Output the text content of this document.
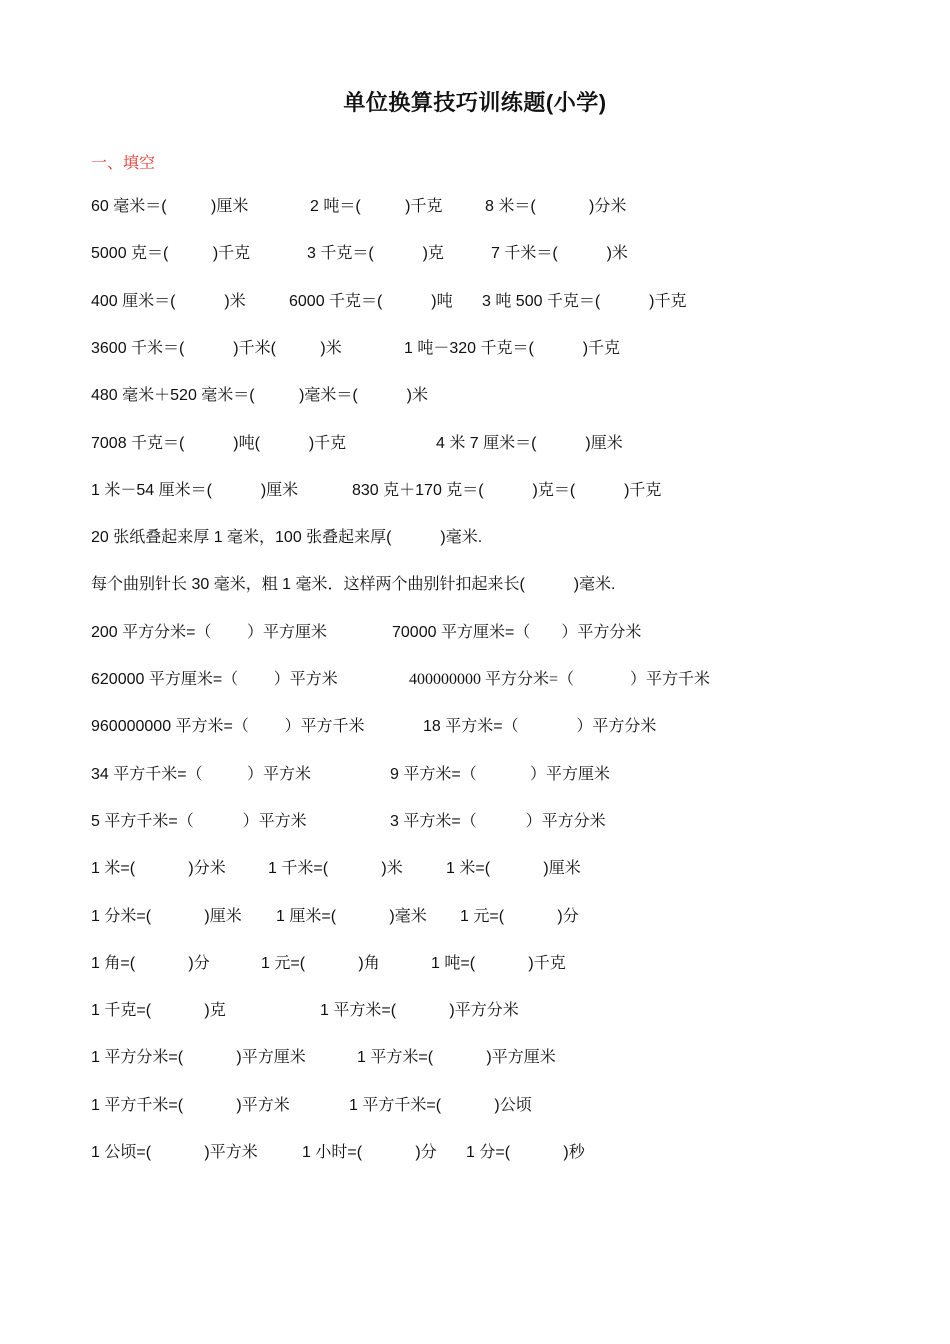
单位换算技巧训练题(小学)
一、填空
60 毫米＝(          )厘米	2 吨＝(          )千克	8 米＝(            )分米
5000 克＝(          )千克	3 千克＝(           )克	7 千米＝(           )米
400 厘米＝(           )米	6000 千克＝(           )吨 3 吨 500 千克＝(           )千克
3600 千米＝(           )千米(          )米	1 吨－320 千克＝(           )千克
480 毫米＋520 毫米＝(          )毫米＝(           )米
7008 千克＝(           )吨(           )千克	4 米 7 厘米＝(           )厘米
1 米－54 厘米＝(           )厘米	830 克＋170 克＝(           )克＝(           )千克
20 张纸叠起来厚 1 毫米，100 张叠起来厚(           )毫米.
每个曲别针长 30 毫米，粗 1 毫米．这样两个曲别针扣起来长(           )毫米.
200 平方分米=（        ）平方厘米	70000 平方厘米=（       ）平方分米
620000 平方厘米=（        ）平方米	400000000 平方分米=（              ）平方千米
960000000 平方米=（        ）平方千米	18 平方米=（             ）平方分米
34 平方千米=（          ）平方米	9 平方米=（            ）平方厘米
5 平方千米=（           ）平方米	3 平方米=（           ）平方分米
1 米=(            )分米	1 千米=(            )米	1 米=(            )厘米
1 分米=(            )厘米 1 厘米=(            )毫米 1 元=(            )分
1 角=(            )分	1 元=(            )角	1 吨=(            )千克
1 千克=(            )克	1 平方米=(            )平方分米
1 平方分米=(            )平方厘米	1 平方米=(            )平方厘米
1 平方千米=(            )平方米	1 平方千米=(            )公顷
1 公顷=(            )平方米	1 小时=(            )分 1 分=(            )秒
